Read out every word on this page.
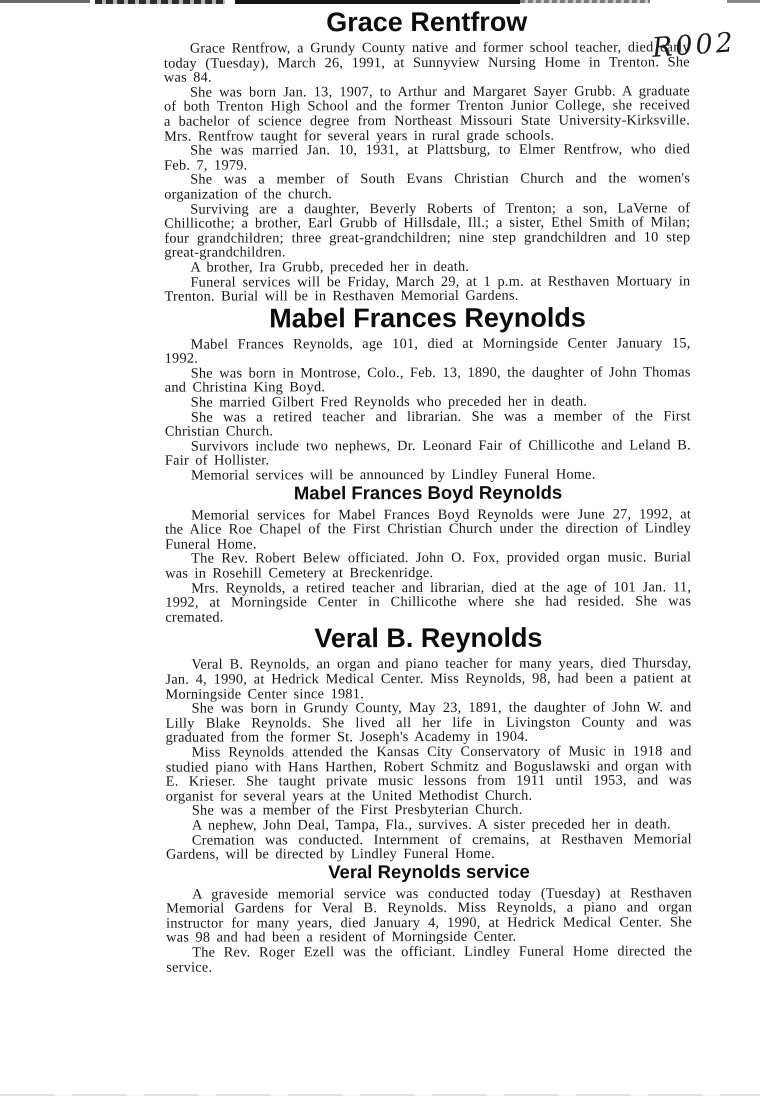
R002
Grace Rentfrow

Grace Rentfrow, a Grundy County native and former school teacher, died early today (Tuesday), March 26, 1991, at Sunnyview Nursing Home in Trenton. She was 84.

She was born Jan. 13, 1907, to Arthur and Margaret Sayer Grubb. A graduate of both Trenton High School and the former Trenton Junior College, she received a bachelor of science degree from Northeast Missouri State University-Kirksville. Mrs. Rentfrow taught for several years in rural grade schools.

She was married Jan. 10, 1931, at Plattsburg, to Elmer Rentfrow, who died Feb. 7, 1979.

She was a member of South Evans Christian Church and the women's organization of the church.

Surviving are a daughter, Beverly Roberts of Trenton; a son, LaVerne of Chillicothe; a brother, Earl Grubb of Hillsdale, Ill.; a sister, Ethel Smith of Milan; four grandchildren; three great-grandchildren; nine step grandchildren and 10 step great-grandchildren.

A brother, Ira Grubb, preceded her in death.

Funeral services will be Friday, March 29, at 1 p.m. at Resthaven Mortuary in Trenton. Burial will be in Resthaven Memorial Gardens.

Mabel Frances Reynolds

Mabel Frances Reynolds, age 101, died at Morningside Center January 15, 1992.

She was born in Montrose, Colo., Feb. 13, 1890, the daughter of John Thomas and Christina King Boyd.

She married Gilbert Fred Reynolds who preceded her in death.

She was a retired teacher and librarian. She was a member of the First Christian Church.

Survivors include two nephews, Dr. Leonard Fair of Chillicothe and Leland B. Fair of Hollister.

Memorial services will be announced by Lindley Funeral Home.

Mabel Frances Boyd Reynolds

Memorial services for Mabel Frances Boyd Reynolds were June 27, 1992, at the Alice Roe Chapel of the First Christian Church under the direction of Lindley Funeral Home.

The Rev. Robert Belew officiated. John O. Fox, provided organ music. Burial was in Rosehill Cemetery at Breckenridge.

Mrs. Reynolds, a retired teacher and librarian, died at the age of 101 Jan. 11, 1992, at Morningside Center in Chillicothe where she had resided. She was cremated.

Veral B. Reynolds

Veral B. Reynolds, an organ and piano teacher for many years, died Thursday, Jan. 4, 1990, at Hedrick Medical Center. Miss Reynolds, 98, had been a patient at Morningside Center since 1981.

She was born in Grundy County, May 23, 1891, the daughter of John W. and Lilly Blake Reynolds. She lived all her life in Livingston County and was graduated from the former St. Joseph's Academy in 1904.

Miss Reynolds attended the Kansas City Conservatory of Music in 1918 and studied piano with Hans Harthen, Robert Schmitz and Boguslawski and organ with E. Krieser. She taught private music lessons from 1911 until 1953, and was organist for several years at the United Methodist Church.

She was a member of the First Presbyterian Church.

A nephew, John Deal, Tampa, Fla., survives. A sister preceded her in death.

Cremation was conducted. Internment of cremains, at Resthaven Memorial Gardens, will be directed by Lindley Funeral Home.

Veral Reynolds service

A graveside memorial service was conducted today (Tuesday) at Resthaven Memorial Gardens for Veral B. Reynolds. Miss Reynolds, a piano and organ instructor for many years, died January 4, 1990, at Hedrick Medical Center. She was 98 and had been a resident of Morningside Center.

The Rev. Roger Ezell was the officiant. Lindley Funeral Home directed the service.
